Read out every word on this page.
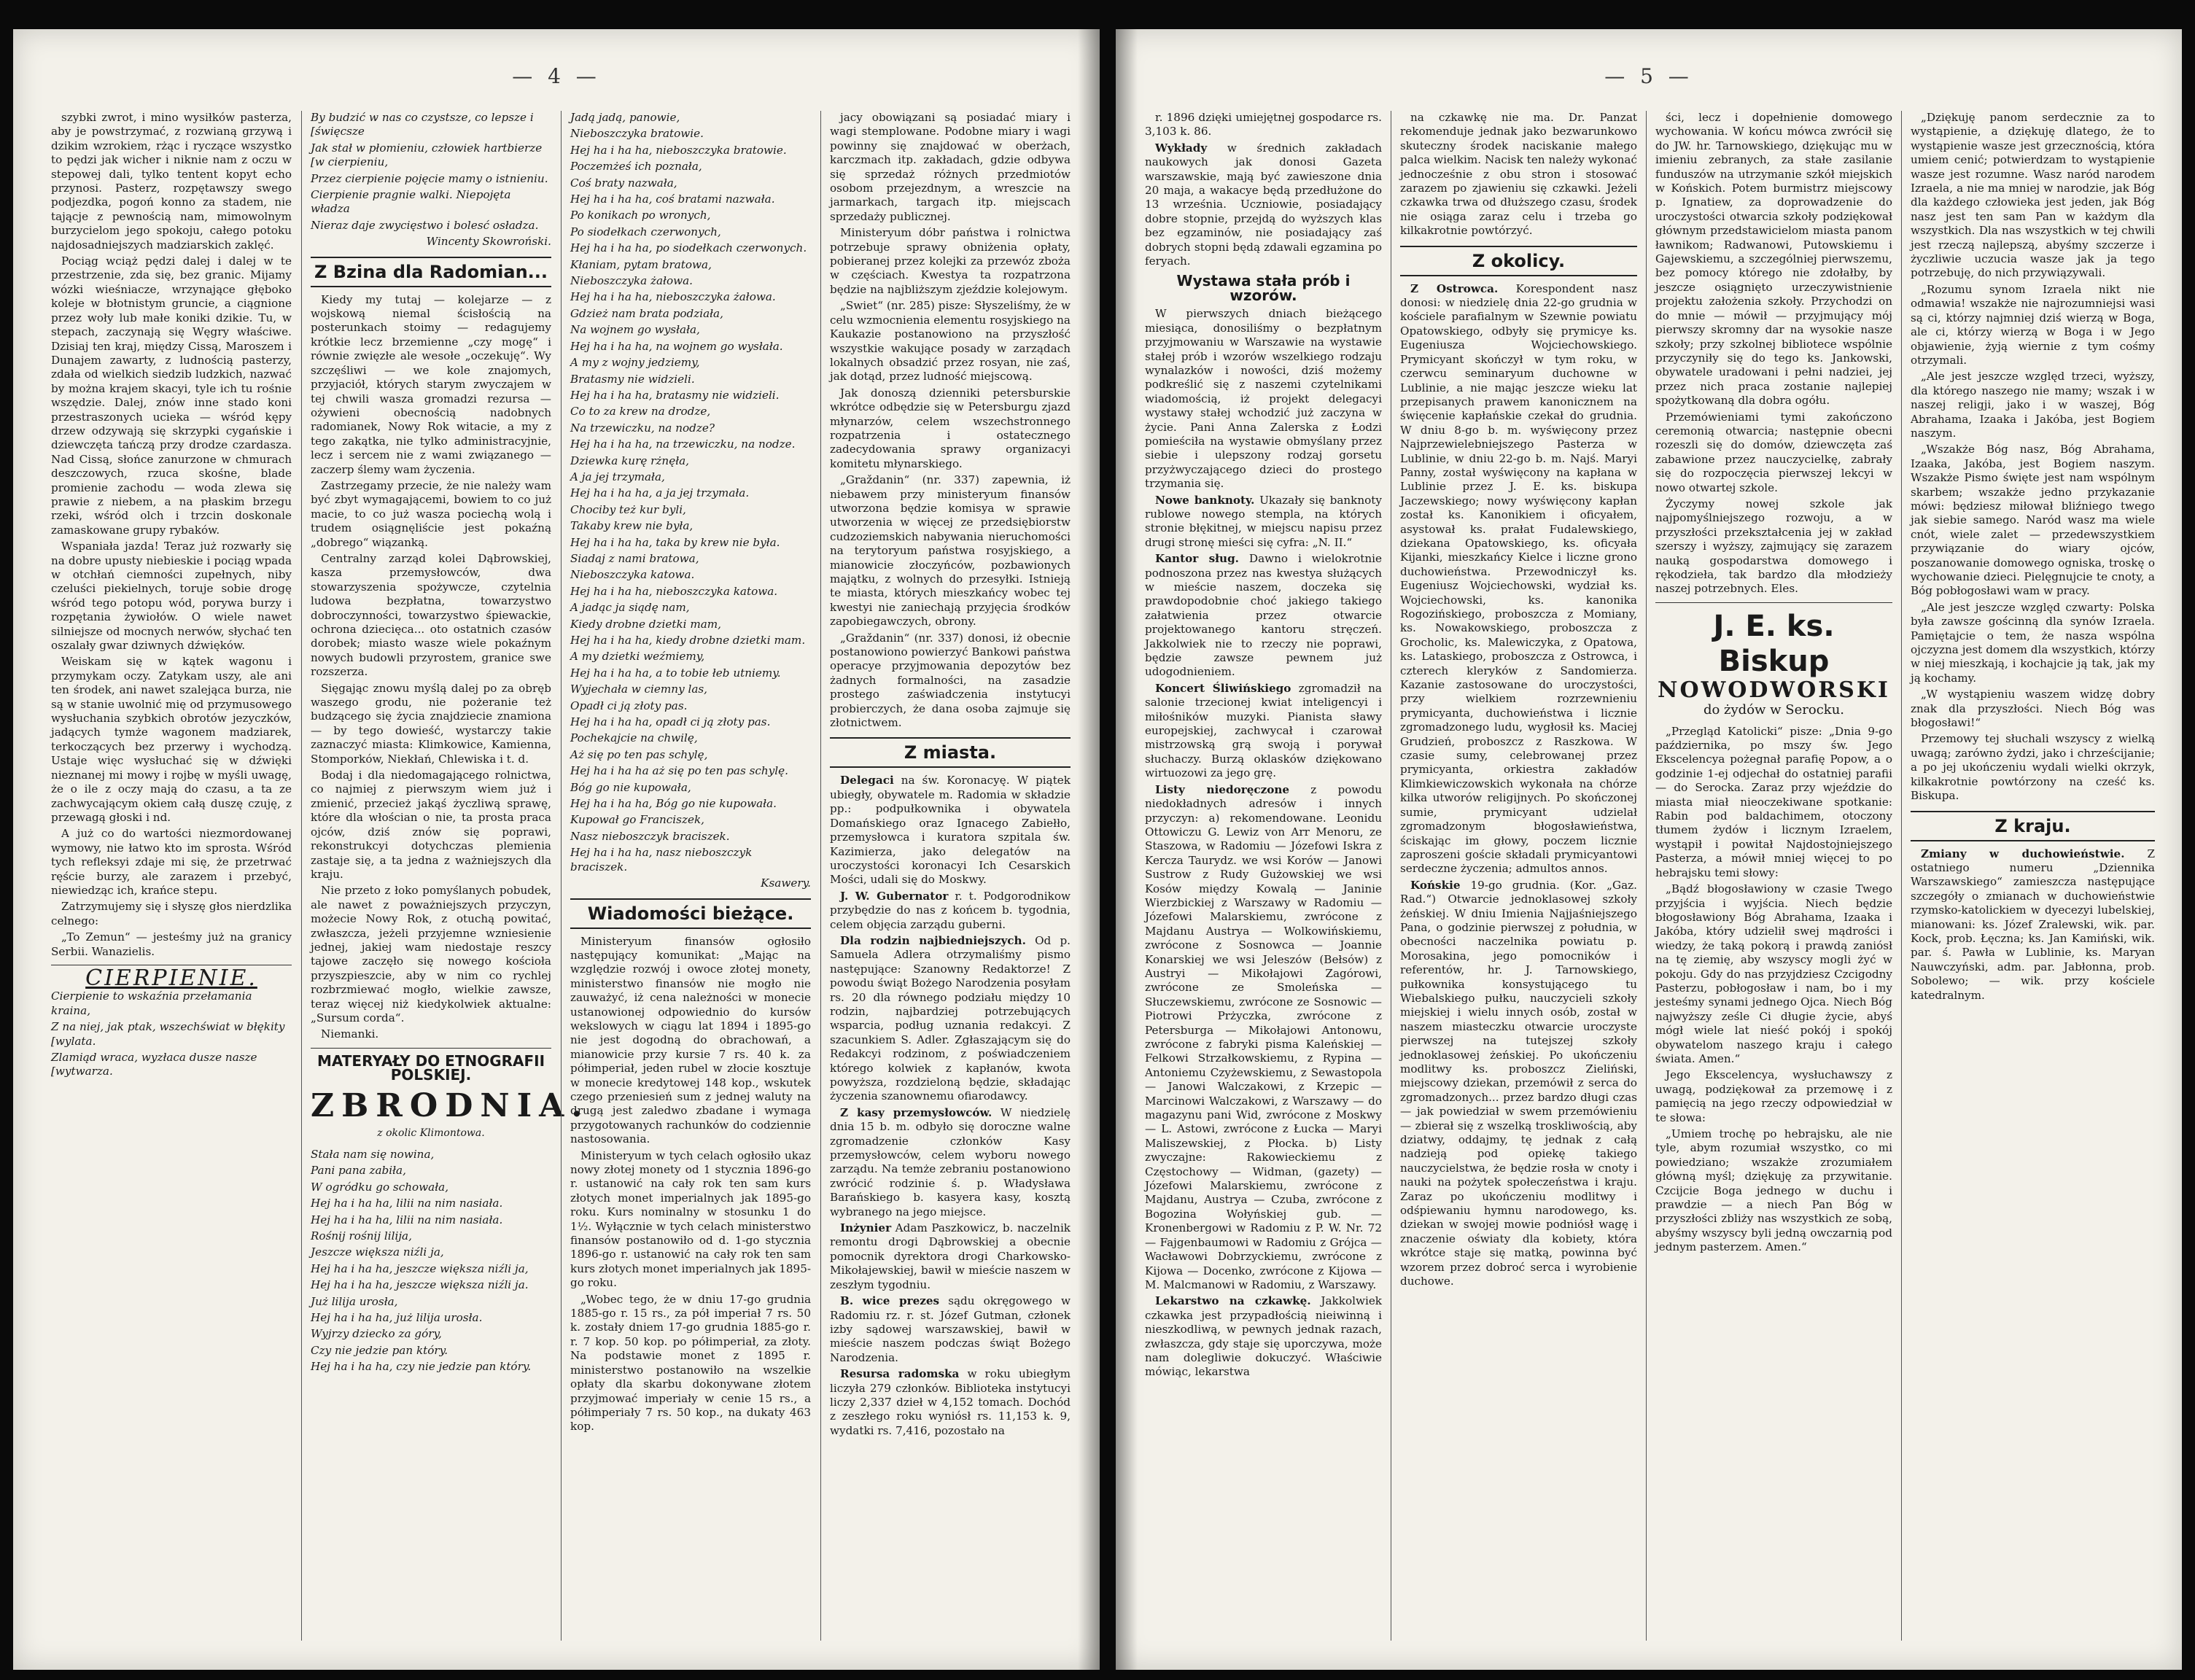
— 4 —

szybki zwrot, i mino wysiłków pasterza, aby je powstrzymać, z rozwianą grzywą i dzikim wzrokiem, rżąc i ryczące wszystko to pędzi jak wicher i niknie nam z oczu w stepowej dali, tylko tentent kopyt echo przynosi. Pasterz, rozpętawszy swego podjezdka, pogoń konno za stadem, nie tającje z pewnością nam, mimowolnym burzycielom jego spokoju, całego potoku najdosadniejszych madziarskich zaklęć.

Pociąg wciąż pędzi dalej i dalej w te przestrzenie, zda się, bez granic. Mijamy wózki wieśniacze, wrzynające głęboko koleje w błotnistym gruncie, a ciągnione przez woły lub małe koniki dzikie. Tu, w stepach, zaczynają się Węgry właściwe. Dzisiaj ten kraj, między Cissą, Maroszem i Dunajem zawarty, z ludnością pasterzy, zdała od wielkich siedzib ludzkich, nazwać by można krajem skacyi, tyle ich tu rośnie wszędzie. Dalej, znów inne stado koni przestraszonych ucieka — wśród kępy drzew odzywają się skrzypki cygańskie i dziewczęta tańczą przy drodze czardasza. Nad Cissą, słońce zanurzone w chmurach deszczowych, rzuca skośne, blade promienie zachodu — woda zlewa się prawie z niebem, a na płaskim brzegu rzeki, wśród olch i trzcin doskonale zamaskowane grupy rybaków.

Wspaniała jazda! Teraz już rozwarły się na dobre upusty niebieskie i pociąg wpada w otchłań ciemności zupełnych, niby czeluści piekielnych, toruje sobie drogę wśród tego potopu wód, porywa burzy i rozpętania żywiołów. O wiele nawet silniejsze od mocnych nerwów, słychać ten oszalały gwar dziwnych dźwięków.

Weiskam się w kątek wagonu i przymykam oczy. Zatykam uszy, ale ani ten środek, ani nawet szalejąca burza, nie są w stanie uwolnić mię od przymusowego wysłuchania szybkich obrotów jezyczków, jadących tymże wagonem madziarek, terkoczących bez przerwy i wychodzą. Ustaje więc wysłuchać się w dźwięki nieznanej mi mowy i rojbę w myśli uwagę, że o ile z oczy mają do czasu, a ta ze zachwycającym okiem całą duszę czuję, z przewagą głoski i nd.

A już co do wartości niezmordowanej wymowy, nie łatwo kto im sprosta. Wśród tych refleksyi zdaje mi się, że przetrwać ręście burzy, ale zarazem i przebyć, niewiedząc ich, krańce stepu.

Zatrzymujemy się i słyszę głos nierdzlika celnego:

„To Zemun“ — jesteśmy już na granicy Serbii. Wanazielis.

CIERPIENIE.

Cierpienie to wskaźnia przełamania kraina,

Z na niej, jak ptak, wszechświat w błękity [wylata.

Zlamiąd wraca, wyzłaca dusze nasze [wytwarza.

By budzić w nas co czystsze, co lepsze i [święcsze

Jak stał w płomieniu, człowiek hartbierze [w cierpieniu,

Przez cierpienie pojęcie mamy o istnieniu.

Cierpienie pragnie walki. Niepojęta władza

Nieraz daje zwycięstwo i bolesć osładza.

Wincenty Skowroński.

Z Bzina dla Radomian...

Kiedy my tutaj — kolejarze — z wojskową niemal ścisłością na posterunkach stoimy — redagujemy krótkie lecz brzemienne „czy mogę“ i równie zwięzłe ale wesołe „oczekuję“. Wy szczęśliwi — we kole znajomych, przyjaciół, których starym zwyczajem w tej chwili wasza gromadzi rezursa — ożywieni obecnością nadobnych radomianek, Nowy Rok witacie, a my z tego zakątka, nie tylko administracyjnie, lecz i sercem nie z wami związanego — zaczerp ślemy wam życzenia.

Zastrzegamy przecie, że nie należy wam być zbyt wymagającemi, bowiem to co już macie, to co już wasza pociechą wolą i trudem osiągnęliście jest pokaźną „dobrego“ wiązanką.

Centralny zarząd kolei Dąbrowskiej, kasza przemysłowców, dwa stowarzyszenia spożywcze, czytelnia ludowa bezpłatna, towarzystwo dobroczynności, towarzystwo śpiewackie, ochrona dziecięca... oto ostatnich czasów dorobek; miasto wasze wiele pokaźnym nowych budowli przyrostem, granice swe rozszerza.

Sięgając znowu myślą dalej po za obręb waszego grodu, nie pożeranie też budzącego się życia znajdziecie znamiona — by tego dowieść, wystarczy takie zaznaczyć miasta: Klimkowice, Kamienna, Stomporków, Niekłań, Chlewiska i t. d.

Bodaj i dla niedomagającego rolnictwa, co najmiej z pierwszym wiem już i zmienić, przecież jakąś życzliwą sprawę, które dla włościan o nie, ta prosta praca ojców, dziś znów się poprawi, rekonstrukcyi dotychczas plemienia zastaje się, a ta jedna z ważniejszych dla kraju.

Nie przeto z łoko pomyślanych pobudek, ale nawet z poważniejszych przyczyn, możecie Nowy Rok, z otuchą powitać, zwłaszcza, jeżeli przyjemne wzniesienie jednej, jakiej wam niedostaje reszcy tajowe zaczęło się nowego kościoła przyszpieszcie, aby w nim co rychlej rozbrzmiewać mogło, wielkie zawsze, teraz więcej niż kiedykolwiek aktualne: „Sursum corda“.

Niemanki.

MATERYAŁY DO ETNOGRAFII POLSKIEJ.
ZBRODNIA.
z okolic Klimontowa.

Stała nam się nowina,

Pani pana zabiła,

W ogródku go schowała,

Hej ha i ha ha, lilii na nim nasiała.

Hej ha i ha ha, lilii na nim nasiała.

Rośnij rośnij lilija,

Jeszcze większa niźli ja,

Hej ha i ha ha, jeszcze większa niźli ja,

Hej ha i ha ha, jeszcze większa niźli ja.

Już lilija urosła,

Hej ha i ha ha, już lilija urosła.

Wyjrzy dziecko za góry,

Czy nie jedzie pan który.

Hej ha i ha ha, czy nie jedzie pan który.

Jadą jadą, panowie,

Nieboszczyka bratowie.

Hej ha i ha ha, nieboszczyka bratowie.

Poczemżeś ich poznała,

Coś braty nazwała,

Hej ha i ha ha, coś bratami nazwała.

Po konikach po wronych,

Po siodełkach czerwonych,

Hej ha i ha ha, po siodełkach czerwonych.

Kłaniam, pytam bratowa,

Nieboszczyka żałowa.

Hej ha i ha ha, nieboszczyka żałowa.

Gdzież nam brata podziała,

Na wojnem go wysłała,

Hej ha i ha ha, na wojnem go wysłała.

A my z wojny jedziemy,

Bratasmy nie widzieli.

Hej ha i ha ha, bratasmy nie widzieli.

Co to za krew na drodze,

Na trzewiczku, na nodze?

Hej ha i ha ha, na trzewiczku, na nodze.

Dziewka kurę rżnęła,

A ja jej trzymała,

Hej ha i ha ha, a ja jej trzymała.

Chociby też kur byli,

Takaby krew nie była,

Hej ha i ha ha, taka by krew nie była.

Siadaj z nami bratowa,

Nieboszczyka katowa.

Hej ha i ha ha, nieboszczyka katowa.

A jadąc ja siądę nam,

Kiedy drobne dzietki mam,

Hej ha i ha ha, kiedy drobne dzietki mam.

A my dzietki weźmiemy,

Hej ha i ha ha, a to tobie łeb utniemy.

Wyjechała w ciemny las,

Opadł ci ją złoty pas.

Hej ha i ha ha, opadł ci ją złoty pas.

Pochekajcie na chwilę,

Aż się po ten pas schylę,

Hej ha i ha ha aż się po ten pas schylę.

Bóg go nie kupowała,

Hej ha i ha ha, Bóg go nie kupowała.

Kupował go Franciszek,

Nasz nieboszczyk braciszek.

Hej ha i ha ha, nasz nieboszczyk braciszek.

Ksawery.

Wiadomości bieżące.

Ministeryum finansów ogłosiło następujący komunikat: „Mając na względzie rozwój i owoce złotej monety, ministerstwo finansów nie mogło nie zauważyć, iż cena należności w monecie ustanowionej odpowiednio do kursów wekslowych w ciągu lat 1894 i 1895-go nie jest dogodną do obrachowań, a mianowicie przy kursie 7 rs. 40 k. za półimperiał, jeden rubel w złocie kosztuje w monecie kredytowej 148 kop., wskutek czego przeniesień sum z jednej waluty na drugą jest zaledwo zbadane i wymaga przygotowanych rachunków do codziennie nastosowania.

Ministeryum w tych celach ogłosiło ukaz nowy złotej monety od 1 stycznia 1896-go r. ustanowić na cały rok ten sam kurs złotych monet imperialnych jak 1895-go roku. Kurs nominalny w stosunku 1 do 1½. Wyłącznie w tych celach ministerstwo finansów postanowiło od d. 1-go stycznia 1896-go r. ustanowić na cały rok ten sam kurs złotych monet imperialnych jak 1895-go roku.

„Wobec tego, że w dniu 17-go grudnia 1885-go r. 15 rs., za pół imperiał 7 rs. 50 k. zostały dniem 17-go grudnia 1885-go r. r. 7 kop. 50 kop. po półimperiał, za złoty. Na podstawie monet z 1895 r. ministerstwo postanowiło na wszelkie opłaty dla skarbu dokonywane złotem przyjmować imperiały w cenie 15 rs., a półimperiały 7 rs. 50 kop., na dukaty 463 kop.

jacy obowiązani są posiadać miary i wagi stemplowane. Podobne miary i wagi powinny się znajdować w oberżach, karczmach itp. zakładach, gdzie odbywa się sprzedaż różnych przedmiotów osobom przejezdnym, a wreszcie na jarmarkach, targach itp. miejscach sprzedaży publicznej.

Ministeryum dóbr państwa i rolnictwa potrzebuje sprawy obniżenia opłaty, pobieranej przez kolejki za przewóz zboża w częściach. Kwestya ta rozpatrzona będzie na najbliższym zjeździe kolejowym.

„Swiet“ (nr. 285) pisze: Słyszeliśmy, że w celu wzmocnienia elementu rosyjskiego na Kaukazie postanowiono na przyszłość wszystkie wakujące posady w zarządach lokalnych obsadzić przez rosyan, nie zaś, jak dotąd, przez ludność miejscową.

Jak donoszą dzienniki petersburskie wkrótce odbędzie się w Petersburgu zjazd młynarzów, celem wszechstronnego rozpatrzenia i ostatecznego zadecydowania sprawy organizacyi komitetu młynarskiego.

„Graždanin“ (nr. 337) zapewnia, iż niebawem przy ministeryum finansów utworzona będzie komisya w sprawie utworzenia w więcej ze przedsiębiorstw cudzoziemskich nabywania nieruchomości na terytoryum państwa rosyjskiego, a mianowicie złoczyńców, pozbawionych majątku, z wolnych do przesyłki. Istnieją te miasta, których mieszkańcy wobec tej kwestyi nie zaniechają przyjęcia środków zapobiegawczych, obrony.

„Graždanin“ (nr. 337) donosi, iż obecnie postanowiono powierzyć Bankowi państwa operacye przyjmowania depozytów bez żadnych formalności, na zasadzie prostego zaświadczenia instytucyi probierczych, że dana osoba zajmuje się złotnictwem.

Z miasta.

Delegaci na św. Koronacyę. W piątek ubiegły, obywatele m. Radomia w składzie pp.: podpułkownika i obywatela Domańskiego oraz Ignacego Zabiełło, przemysłowca i kuratora szpitala św. Kazimierza, jako delegatów na uroczystości koronacyi Ich Cesarskich Mości, udali się do Moskwy.

J. W. Gubernator r. t. Podgorodnikow przybędzie do nas z końcem b. tygodnia, celem objęcia zarządu guberni.

Dla rodzin najbiedniejszych. Od p. Samuela Adlera otrzymaliśmy pismo następujące: Szanowny Redaktorze! Z powodu świąt Bożego Narodzenia posyłam rs. 20 dla równego podziału między 10 rodzin, najbardziej potrzebujących wsparcia, podług uznania redakcyi. Z szacunkiem S. Adler. Zgłaszającym się do Redakcyi rodzinom, z poświadczeniem którego kolwiek z kapłanów, kwota powyższa, rozdzieloną będzie, składając życzenia szanownemu ofiarodawcy.

Z kasy przemysłowców. W niedzielę dnia 15 b. m. odbyło się doroczne walne zgromadzenie członków Kasy przemysłowców, celem wyboru nowego zarządu. Na temże zebraniu postanowiono zwrócić rodzinie ś. p. Władysława Barańskiego b. kasyera kasy, kosztą wybranego na jego miejsce.

Inżynier Adam Paszkowicz, b. naczelnik remontu drogi Dąbrowskiej a obecnie pomocnik dyrektora drogi Charkowsko-Mikołajewskiej, bawił w mieście naszem w zeszłym tygodniu.

B. wice prezes sądu okręgowego w Radomiu rz. r. st. Józef Gutman, członek izby sądowej warszawskiej, bawił w mieście naszem podczas świąt Bożego Narodzenia.

Resursa radomska w roku ubiegłym liczyła 279 członków. Biblioteka instytucyi liczy 2,337 dzieł w 4,152 tomach. Dochód z zeszłego roku wyniósł rs. 11,153 k. 9, wydatki rs. 7,416, pozostało na

— 5 —

r. 1896 dzięki umiejętnej gospodarce rs. 3,103 k. 86.

Wykłady w średnich zakładach naukowych jak donosi Gazeta warszawskie, mają być zawieszone dnia 20 maja, a wakacye będą przedłużone do 13 września. Uczniowie, posiadający dobre stopnie, przejdą do wyższych klas bez egzaminów, nie posiadający zaś dobrych stopni będą zdawali egzamina po feryach.

Wystawa stała prób i wzorów.

W pierwszych dniach bieżącego miesiąca, donosiliśmy o bezpłatnym przyjmowaniu w Warszawie na wystawie stałej prób i wzorów wszelkiego rodzaju wynalazków i nowości, dziś możemy podkreślić się z naszemi czytelnikami wiadomością, iż projekt delegacyi wystawy stałej wchodzić już zaczyna w życie. Pani Anna Zalerska z Łodzi pomieściła na wystawie obmyślany przez siebie i ulepszony rodzaj gorsetu przyżwyczającego dzieci do prostego trzymania się.

Nowe banknoty. Ukazały się banknoty rublowe nowego stempla, na których stronie błękitnej, w miejscu napisu przez drugi stronę mieści się cyfra: „N. II.“

Kantor sług. Dawno i wielokrotnie podnoszona przez nas kwestya służących w mieście naszem, doczeka się prawdopodobnie choć jakiego takiego załatwienia przez otwarcie projektowanego kantoru stręczeń. Jakkolwiek nie to rzeczy nie poprawi, będzie zawsze pewnem już udogodnieniem.

Koncert Śliwińskiego zgromadził na salonie trzecionej kwiat inteligencyi i miłośników muzyki. Pianista sławy europejskiej, zachwycał i czarował mistrzowską grą swoją i porywał słuchaczy. Burzą oklasków dziękowano wirtuozowi za jego grę.

Listy niedoręczone z powodu niedokładnych adresów i innych przyczyn: a) rekomendowane. Leonidu Ottowiczu G. Lewiz von Arr Menoru, ze Staszowa, w Radomiu — Józefowi Iskra z Kercza Taurydz. we wsi Korów — Janowi Sustrow z Rudy Gużowskiej we wsi Kosów między Kowalą — Janinie Wierzbickiej z Warszawy w Radomiu — Józefowi Malarskiemu, zwrócone z Majdanu Austrya — Wolkowińskiemu, zwrócone z Sosnowca — Joannie Konarskiej we wsi Jeleszów (Bełsów) z Austryi — Mikołajowi Zagórowi, zwrócone ze Smoleńska — Słuczewskiemu, zwrócone ze Sosnowic — Piotrowi Prżyczka, zwrócone z Petersburga — Mikołajowi Antonowu, zwrócone z fabryki pisma Kaleńskiej — Felkowi Strzałkowskiemu, z Rypina — Antoniemu Czyżewskiemu, z Sewastopola — Janowi Walczakowi, z Krzepic — Marcinowi Walczakowi, z Warszawy — do magazynu pani Wid, zwrócone z Moskwy — L. Astowi, zwrócone z Łucka — Maryi Maliszewskiej, z Płocka. b) Listy zwyczajne: Rakowieckiemu z Częstochowy — Widman, (gazety) — Józefowi Malarskiemu, zwrócone z Majdanu, Austrya — Czuba, zwrócone z Bogozina Wołyńskiej gub. — Kronenbergowi w Radomiu z P. W. Nr. 72 — Fajgenbaumowi w Radomiu z Grójca — Wacławowi Dobrzyckiemu, zwrócone z Kijowa — Docenko, zwrócone z Kijowa — M. Malcmanowi w Radomiu, z Warszawy.

Lekarstwo na czkawkę. Jakkolwiek czkawka jest przypadłością nieiwinną i nieszkodliwą, w pewnych jednak razach, zwłaszcza, gdy staje się uporczywa, może nam dolegliwie dokuczyć. Właściwie mówiąc, lekarstwa

na czkawkę nie ma. Dr. Panzat rekomenduje jednak jako bezwarunkowo skuteczny środek naciskanie małego palca wielkim. Nacisk ten należy wykonać jednocześnie z obu stron i stosować zarazem po zjawieniu się czkawki. Jeżeli czkawka trwa od dłuższego czasu, środek nie osiąga zaraz celu i trzeba go kilkakrotnie powtórzyć.

Z okolicy.

Z Ostrowca. Korespondent nasz donosi: w niedzielę dnia 22-go grudnia w kościele parafialnym w Szewnie powiatu Opatowskiego, odbyły się prymicye ks. Eugeniusza Wojciechowskiego. Prymicyant skończył w tym roku, w czerwcu seminaryum duchowne w Lublinie, a nie mając jeszcze wieku lat przepisanych prawem kanonicznem na święcenie kapłańskie czekał do grudnia. W dniu 8-go b. m. wyświęcony przez Najprzewielebniejszego Pasterza w Lublinie, w dniu 22-go b. m. Najś. Maryi Panny, został wyświęcony na kapłana w Lublinie przez J. E. ks. biskupa Jaczewskiego; nowy wyświęcony kapłan został ks. Kanonikiem i oficyałem, asystował ks. prałat Fudalewskiego, dziekana Opatowskiego, ks. oficyała Kijanki, mieszkańcy Kielce i liczne grono duchowieństwa. Przewodniczył ks. Eugeniusz Wojciechowski, wydział ks. Wojciechowski, ks. kanonika Rogozińskiego, proboszcza z Momiany, ks. Nowakowskiego, proboszcza z Grocholic, ks. Malewiczyka, z Opatowa, ks. Lataskiego, proboszcza z Ostrowca, i czterech kleryków z Sandomierza. Kazanie zastosowane do uroczystości, przy wielkiem rozrzewnieniu prymicyanta, duchowieństwa i licznie zgromadzonego ludu, wygłosił ks. Maciej Grudzień, proboszcz z Raszkowa. W czasie sumy, celebrowanej przez prymicyanta, orkiestra zakładów Klimkiewiczowskich wykonała na chórze kilka utworów religijnych. Po skończonej sumie, prymicyant udzielał zgromadzonym błogosławieństwa, ściskając im głowy, poczem licznie zaproszeni goście składali prymicyantowi serdeczne życzenia; admultos annos.

Końskie 19-go grudnia. (Kor. „Gaz. Rad.“) Otwarcie jednoklasowej szkoły żeńskiej. W dniu Imienia Najjaśniejszego Pana, o godzinie pierwszej z południa, w obecności naczelnika powiatu p. Morosakina, jego pomocników i referentów, hr. J. Tarnowskiego, pułkownika konsystującego tu Wiebalskiego pułku, nauczycieli szkoły miejskiej i wielu innych osób, został w naszem miasteczku otwarcie uroczyste pierwszej na tutejszej szkoły jednoklasowej żeńskiej. Po ukończeniu modlitwy ks. proboszcz Zieliński, miejscowy dziekan, przemówił z serca do zgromadzonych... przez bardzo długi czas — jak powiedział w swem przemówieniu — zbierał się z wszelką troskliwością, aby dziatwy, oddajmy, tę jednak z całą nadzieją pod opiekę takiego nauczycielstwa, że będzie rosła w cnoty i nauki na pożytek społeczeństwa i kraju. Zaraz po ukończeniu modlitwy i odśpiewaniu hymnu narodowego, ks. dziekan w swojej mowie podniósł wagę i znaczenie oświaty dla kobiety, która wkrótce staje się matką, powinna być wzorem przez dobroć serca i wyrobienie duchowe.

ści, lecz i dopełnienie domowego wychowania. W końcu mówca zwrócił się do JW. hr. Tarnowskiego, dziękując mu w imieniu zebranych, za stałe zasilanie funduszów na utrzymanie szkół miejskich w Końskich. Potem burmistrz miejscowy p. Ignatiew, za doprowadzenie do uroczystości otwarcia szkoły podziękował głównym przedstawicielom miasta panom ławnikom; Radwanowi, Putowskiemu i Gajewskiemu, a szczególniej pierwszemu, bez pomocy którego nie zdołałby, by jeszcze osiągnięto urzeczywistnienie projektu założenia szkoły. Przychodzi on do mnie — mówił — przyjmujący mój pierwszy skromny dar na wysokie nasze szkoły; przy szkolnej bibliotece wspólnie przyczyniły się do tego ks. Jankowski, obywatele uradowani i pełni nadziei, jej przez nich praca zostanie najlepiej spożytkowaną dla dobra ogółu.

Przemówieniami tymi zakończono ceremonią otwarcia; następnie obecni rozeszli się do domów, dziewczęta zaś zabawione przez nauczycielkę, zabrały się do rozpoczęcia pierwszej lekcyi w nowo otwartej szkole.

Życzymy nowej szkole jak najpomyślniejszego rozwoju, a w przyszłości przekształcenia jej w zakład szerszy i wyższy, zajmujący się zarazem nauką gospodarstwa domowego i rękodzieła, tak bardzo dla młodzieży naszej potrzebnych. Eles.

J. E. ks. Biskup
NOWODWORSKI

do żydów w Serocku.

„Przegląd Katolicki“ pisze: „Dnia 9-go października, po mszy św. Jego Ekscelencya pożegnał parafię Popow, a o godzinie 1-ej odjechał do ostatniej parafii — do Serocka. Zaraz przy wjeździe do miasta miał nieoczekiwane spotkanie: Rabin pod baldachimem, otoczony tłumem żydów i licznym Izraelem, wystąpił i powitał Najdostojniejszego Pasterza, a mówił mniej więcej to po hebrajsku temi słowy:

„Bądź błogosławiony w czasie Twego przyjścia i wyjścia. Niech będzie błogosławiony Bóg Abrahama, Izaaka i Jakóba, który udzielił swej mądrości i wiedzy, że taką pokorą i prawdą zaniósł na tę ziemię, aby wszyscy mogli żyć w pokoju. Gdy do nas przyjdziesz Czcigodny Pasterzu, pobłogosław i nam, bo i my jesteśmy synami jednego Ojca. Niech Bóg najwyższy ześle Ci długie życie, abyś mógł wiele lat nieść pokój i spokój obywatelom naszego kraju i całego świata. Amen.“

Jego Ekscelencya, wysłuchawszy z uwagą, podziękował za przemowę i z pamięcią na jego rzeczy odpowiedział w te słowa:

„Umiem trochę po hebrajsku, ale nie tyle, abym rozumiał wszystko, co mi powiedziano; wszakże zrozumiałem główną myśl; dziękuję za przywitanie. Czcijcie Boga jednego w duchu i prawdzie — a niech Pan Bóg w przyszłości zbliży nas wszystkich ze sobą, abyśmy wszyscy byli jedną owczarnią pod jednym pasterzem. Amen.“

„Dziękuję panom serdecznie za to wystąpienie, a dziękuję dlatego, że to wystąpienie wasze jest grzecznością, która umiem cenić; potwierdzam to wystąpienie wasze jest rozumne. Wasz naród narodem Izraela, a nie ma mniej w narodzie, jak Bóg dla każdego człowieka jest jeden, jak Bóg nasz jest ten sam Pan w każdym dla wszystkich. Dla nas wszystkich w tej chwili jest rzeczą najlepszą, abyśmy szczerze i życzliwie uczucia wasze jak ja tego potrzebuję, do nich przywiązywali.

„Rozumu synom Izraela nikt nie odmawia! wszakże nie najrozumniejsi wasi są ci, którzy najmniej dziś wierzą w Boga, ale ci, którzy wierzą w Boga i w Jego objawienie, żyją wiernie z tym cośmy otrzymali.

„Ale jest jeszcze względ trzeci, wyższy, dla którego naszego nie mamy; wszak i w naszej religji, jako i w waszej, Bóg Abrahama, Izaaka i Jakóba, jest Bogiem naszym.

„Wszakże Bóg nasz, Bóg Abrahama, Izaaka, Jakóba, jest Bogiem naszym. Wszakże Pismo święte jest nam wspólnym skarbem; wszakże jedno przykazanie mówi: będziesz miłował bliźniego twego jak siebie samego. Naród wasz ma wiele cnót, wiele zalet — przedewszystkiem przywiązanie do wiary ojców, poszanowanie domowego ogniska, troskę o wychowanie dzieci. Pielęgnujcie te cnoty, a Bóg pobłogosławi wam w pracy.

„Ale jest jeszcze względ czwarty: Polska była zawsze gościnną dla synów Izraela. Pamiętajcie o tem, że nasza wspólna ojczyzna jest domem dla wszystkich, którzy w niej mieszkają, i kochajcie ją tak, jak my ją kochamy.

„W wystąpieniu waszem widzę dobry znak dla przyszłości. Niech Bóg was błogosławi!“

Przemowy tej słuchali wszyscy z wielką uwagą; zarówno żydzi, jako i chrześcijanie; a po jej ukończeniu wydali wielki okrzyk, kilkakrotnie powtórzony na cześć ks. Biskupa.

Z kraju.

Zmiany w duchowieństwie. Z ostatniego numeru „Dziennika Warszawskiego“ zamieszcza następujące szczegóły o zmianach w duchowieństwie rzymsko-katolickiem w dyecezyi lubelskiej, mianowani: ks. Józef Zralewski, wik. par. Kock, prob. Łęczna; ks. Jan Kamiński, wik. par. ś. Pawła w Lublinie, ks. Maryan Nauwczyński, adm. par. Jabłonna, prob. Sobolewo; — wik. przy kościele katedralnym.
